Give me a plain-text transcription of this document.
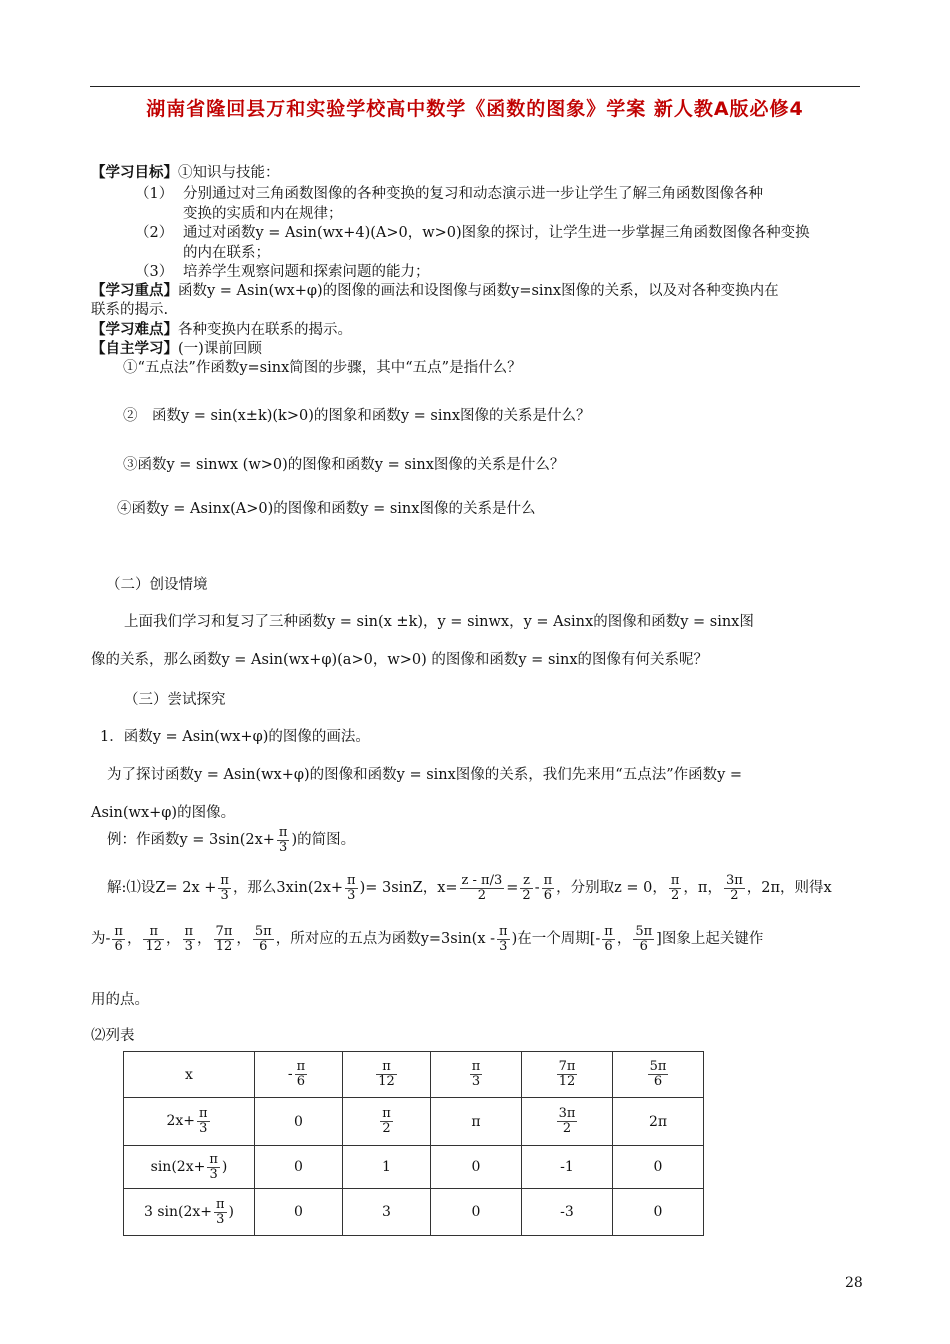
湖南省隆回县万和实验学校高中数学《函数的图象》学案 新人教A版必修4
【学习目标】①知识与技能：
（1） 分别通过对三角函数图像的各种变换的复习和动态演示进一步让学生了解三角函数图像各种
变换的实质和内在规律；
（2） 通过对函数y = Asin(wx+4)(A>0，w>0)图象的探讨，让学生进一步掌握三角函数图像各种变换
的内在联系；
（3） 培养学生观察问题和探索问题的能力；
【学习重点】函数y = Asin(wx+φ)的图像的画法和设图像与函数y=sinx图像的关系，以及对各种变换内在
联系的揭示.
【学习难点】各种变换内在联系的揭示。
【自主学习】(一)课前回顾
①“五点法”作函数y=sinx简图的步骤，其中“五点”是指什么？
②　函数y = sin(x±k)(k>0)的图象和函数y = sinx图像的关系是什么？
③函数y = sinwx (w>0)的图像和函数y = sinx图像的关系是什么？
④函数y = Asinx(A>0)的图像和函数y = sinx图像的关系是什么
（二）创设情境
上面我们学习和复习了三种函数y = sin(x ±k)，y = sinwx，y = Asinx的图像和函数y = sinx图
像的关系，那么函数y = Asin(wx+φ)(a>0，w>0) 的图像和函数y = sinx的图像有何关系呢？
（三）尝试探究
1．函数y = Asin(wx+φ)的图像的画法。
为了探讨函数y = Asin(wx+φ)的图像和函数y = sinx图像的关系，我们先来用“五点法”作函数y =
Asin(wx+φ)的图像。
例：作函数$y = 3\sin(2x+ \frac{\pi}{3}$ )的简图。
解:⑴设$Z= 2x + \frac{\pi}{3}$ ，那么$3xin(2x+ \frac{\pi}{3}$ )= 3sinZ，$x= \frac{z - \pi/3}{2} = \frac{z}{2} - \frac{\pi}{6}$ ，分别取z = 0， $\frac{\pi}{2}$ ，π， $\frac{3\pi}{2}$ ，2π，则得x
为- $\frac{\pi}{6}$ ， $\frac{\pi}{12}$ ， $\frac{\pi}{3}$ ， $\frac{7\pi}{12}$ ， $\frac{5\pi}{6}$ ，所对应的五点为函数$y=3\sin(x - \frac{\pi}{3}$ )在一个周期[- $\frac{\pi}{6}$ ， $\frac{5\pi}{6}$ ]图象上起关键作
用的点。
⑵列表
x	- $\frac{\pi}{6}$	$\frac{\pi}{12}$	$\frac{\pi}{3}$	$\frac{7\pi}{12}$	$\frac{5\pi}{6}$

$2x+ \frac{\pi}{3}$	0	$\frac{\pi}{2}$	π	$\frac{3\pi}{2}$	2π
$\sin(2x+ \frac{\pi}{3}$ )	0	1	0	-1	0
3 $\sin(2x+ \frac{\pi}{3}$ )	0	3	0	-3	0
28
